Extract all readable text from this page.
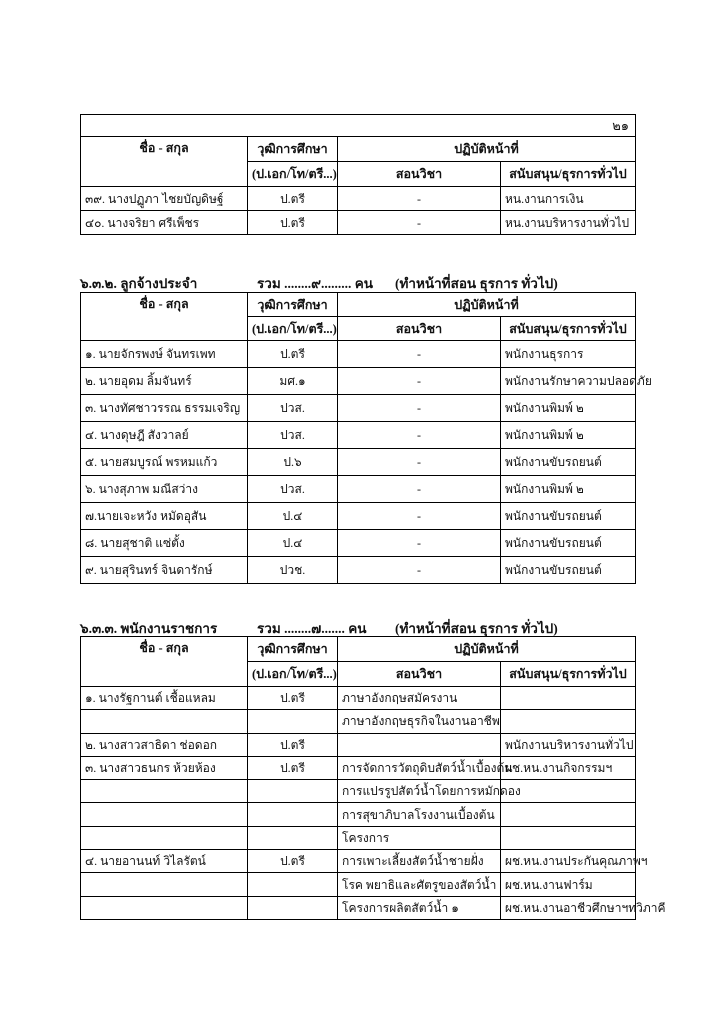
๒๑			
ชื่อ - สกุล	วุฒิการศึกษา	ปฏิบัติหน้าที่	
	(ป.เอก/โท/ตรี...)	สอนวิชา	สนับสนุน/ธุรการทั่วไป
๓๙. นางปฏูภา ไชยบัญดิษฐ์	ป.ตรี	-	หน.งานการเงิน
๔๐. นางจริยา ศรีเพ็ชร	ป.ตรี	-	หน.งานบริหารงานทั่วไป
๖.๓.๒. ลูกจ้างประจำ	รวม ........๙......... คน (ทำหน้าที่สอน ธุรการ ทั่วไป)
ชื่อ - สกุล	วุฒิการศึกษา	ปฏิบัติหน้าที่	
	(ป.เอก/โท/ตรี...)	สอนวิชา	สนับสนุน/ธุรการทั่วไป
๑. นายจักรพงษ์ จันทรเพท	ป.ตรี	-	พนักงานธุรการ
๒. นายอุดม ลิ้มจันทร์	มศ.๑	-	พนักงานรักษาความปลอดภัย
๓. นางทัศชาวรรณ ธรรมเจริญ	ปวส.	-	พนักงานพิมพ์ ๒
๔. นางดุษฎี สังวาลย์	ปวส.	-	พนักงานพิมพ์ ๒
๕. นายสมบูรณ์ พรหมแก้ว	ป.๖	-	พนักงานขับรถยนต์
๖. นางสุภาพ มณีสว่าง	ปวส.	-	พนักงานพิมพ์ ๒
๗.นายเจะหวัง หมัดอุสัน	ป.๔	-	พนักงานขับรถยนต์
๘. นายสุชาติ แซ่ตั้ง	ป.๔	-	พนักงานขับรถยนต์
๙. นายสุรินทร์ จินดารักษ์	ปวช.	-	พนักงานขับรถยนต์
๖.๓.๓. พนักงานราชการ	รวม ........๗....... คน (ทำหน้าที่สอน ธุรการ ทั่วไป)
ชื่อ - สกุล	วุฒิการศึกษา	ปฏิบัติหน้าที่	
	(ป.เอก/โท/ตรี...)	สอนวิชา	สนับสนุน/ธุรการทั่วไป
๑. นางรัฐกานต์ เชื้อแหลม	ป.ตรี	ภาษาอังกฤษสมัครงาน	
		ภาษาอังกฤษธุรกิจในงานอาชีพ	
๒. นางสาวสาธิดา ช่อดอก	ป.ตรี		พนักงานบริหารงานทั่วไป
๓. นางสาวธนกร ห้วยห้อง	ป.ตรี	การจัดการวัตถุดิบสัตว์น้ำเบื้องต้น	ผช.หน.งานกิจกรรมฯ
		การแปรรูปสัตว์น้ำโดยการหมักดอง	
		การสุขาภิบาลโรงงานเบื้องต้น	
		โครงการ	
๔. นายอานนท์ วิไลรัตน์	ป.ตรี	การเพาะเลี้ยงสัตว์น้ำชายฝั่ง	ผช.หน.งานประกันคุณภาพฯ
		โรค พยาธิและศัตรูของสัตว์น้ำ	ผช.หน.งานฟาร์ม
		โครงการผลิตสัตว์น้ำ ๑	ผช.หน.งานอาชีวศึกษาฯทวิภาคี
